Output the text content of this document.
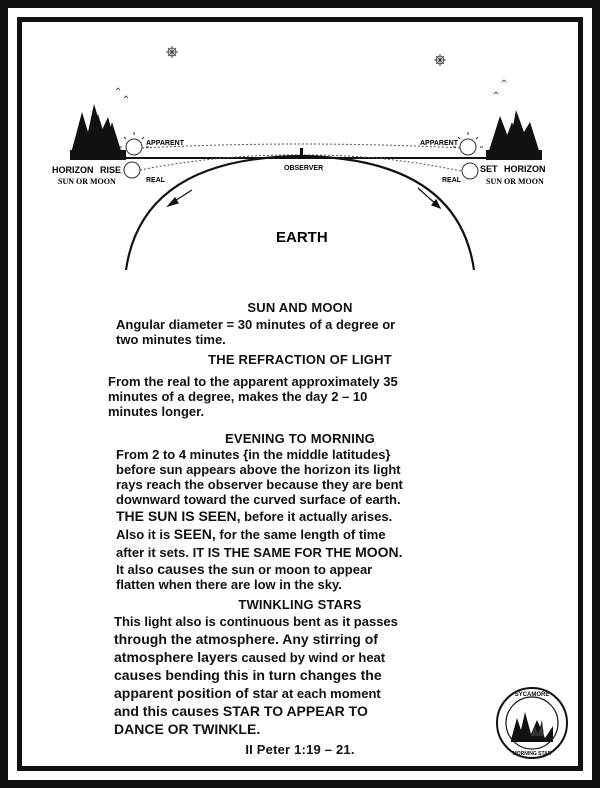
APPARENT	APPARENT
REAL	REAL
OBSERVER
HORIZON RISE
SUN OR MOON
SET HORIZON
SUN OR MOON
EARTH
SUN AND MOON
Angular diameter = 30 minutes of a degree or
two minutes time.
THE REFRACTION OF LIGHT
From the real to the apparent approximately 35
minutes of a degree, makes the day 2 – 10
minutes longer.
EVENING TO MORNING
From 2 to 4 minutes {in the middle latitudes}
before sun appears above the horizon its light
rays reach the observer because they are bent
downward toward the curved surface of earth.
THE SUN IS SEEN, before it actually arises.
Also it is SEEN, for the same length of time
after it sets. IT IS THE SAME FOR THE MOON.
It also causes the sun or moon to appear
flatten when there are low in the sky.
TWINKLING STARS
This light also is continuous bent as it passes
through the atmosphere. Any stirring of
atmosphere layers caused by wind or heat
causes bending this in turn changes the
apparent position of star at each moment
and this causes STAR TO APPEAR TO
DANCE OR TWINKLE.
II Peter 1:19 – 21.
SYCAMORE
MORNING STAR
